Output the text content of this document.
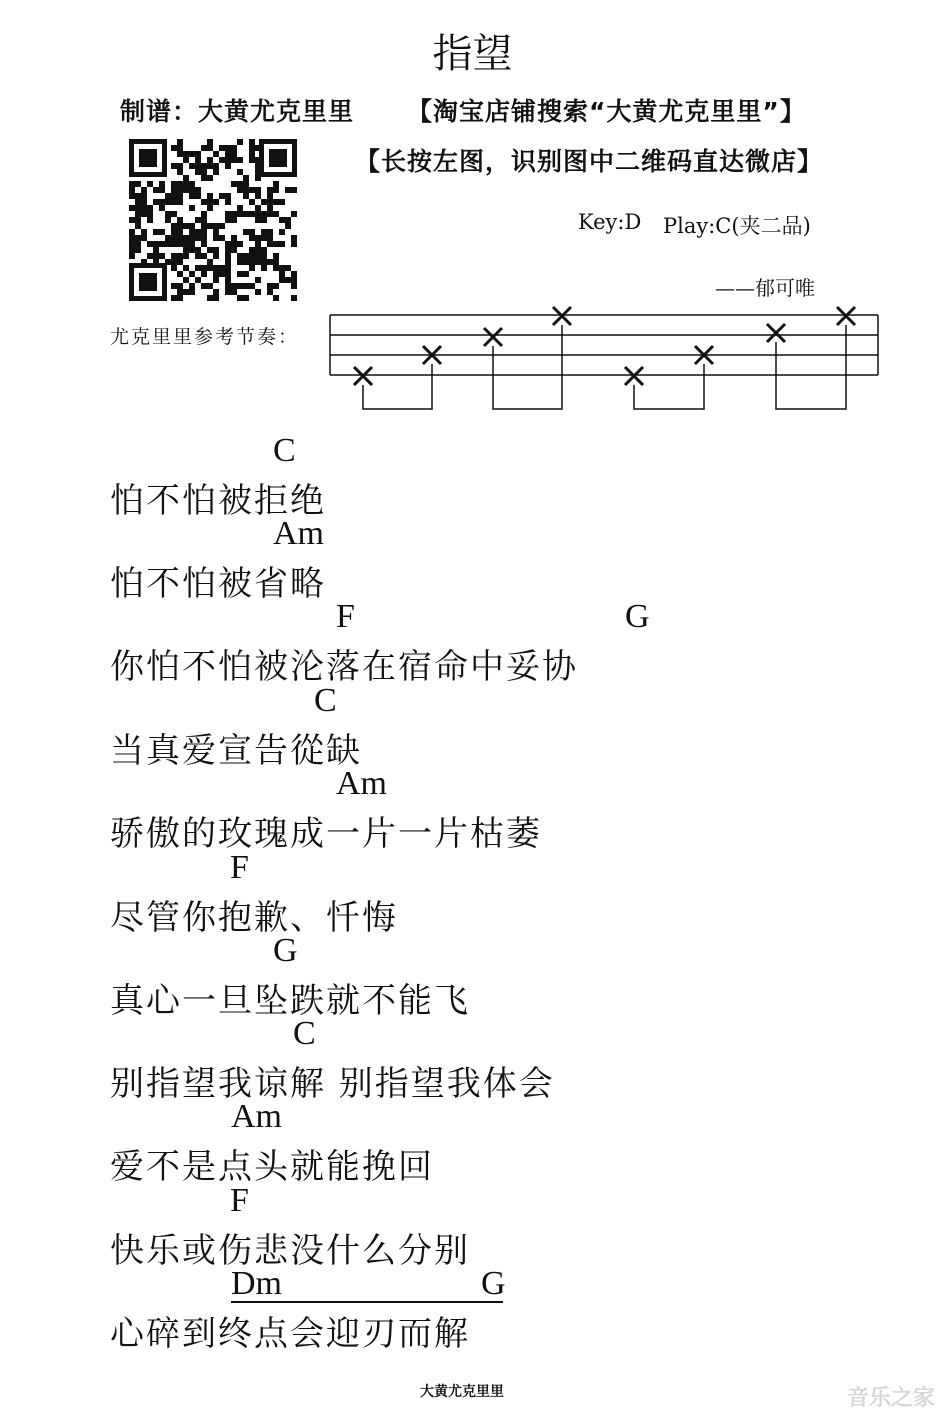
指望
制谱：大黄尤克里里 【淘宝店铺搜索“大黄尤克里里”】
【长按左图，识别图中二维码直达微店】
Key:D Play:C(夹二品)
——郁可唯
尤克里里参考节奏：
C
怕不怕被拒绝
Am
怕不怕被省略
F	G
你怕不怕被沦落在宿命中妥协
C
当真爱宣告從缺
Am
骄傲的玫瑰成一片一片枯萎
F
尽管你抱歉、忏悔
G
真心一旦坠跌就不能飞
C
别指望我谅解 别指望我体会
Am
爱不是点头就能挽回
F
快乐或伤悲没什么分别
Dm	G
心碎到终点会迎刃而解
大黄尤克里里	音乐之家
